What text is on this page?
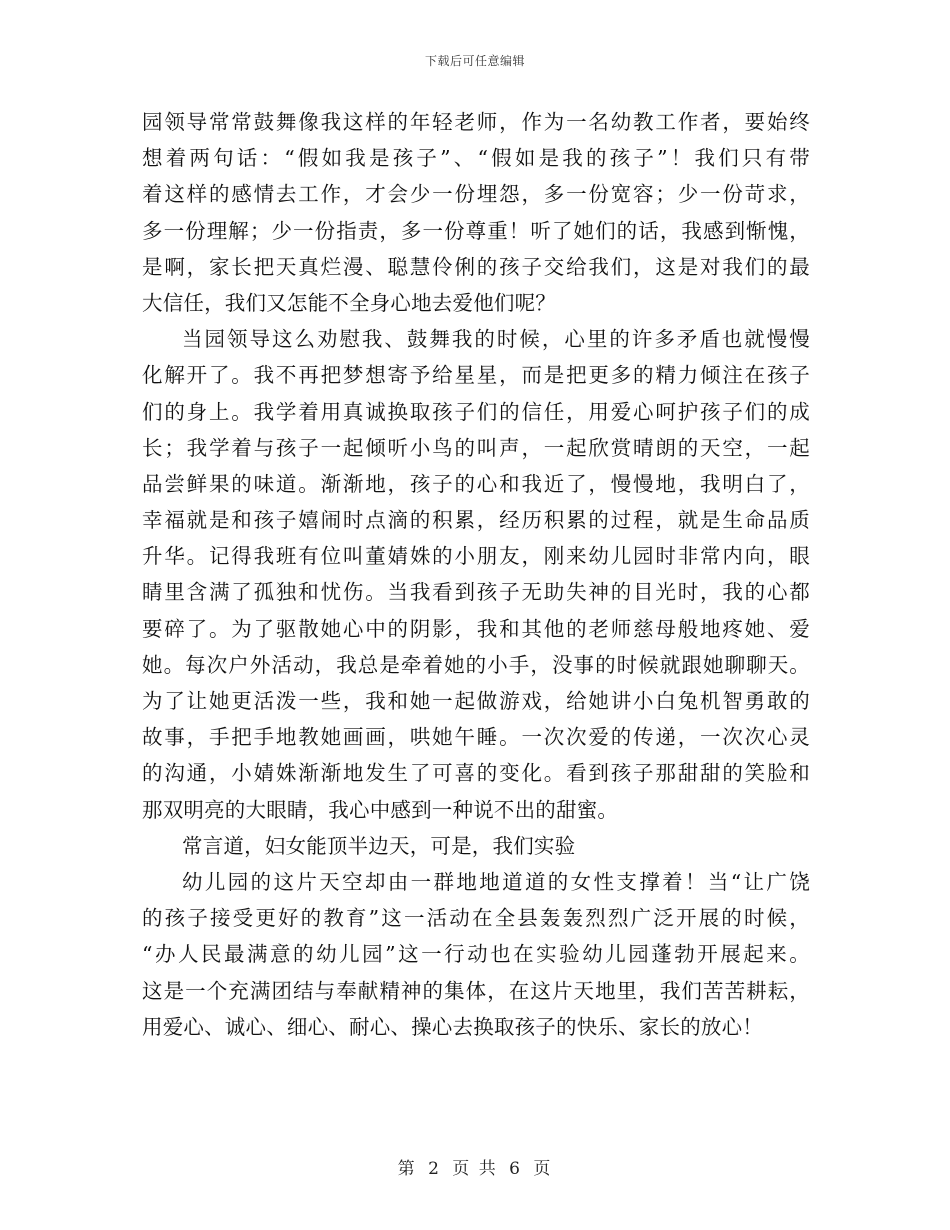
下载后可任意编辑
园领导常常鼓舞像我这样的年轻老师，作为一名幼教工作者，要始终
想着两句话：“假如我是孩子”、“假如是我的孩子”！我们只有带
着这样的感情去工作，才会少一份埋怨，多一份宽容；少一份苛求，
多一份理解；少一份指责，多一份尊重！听了她们的话，我感到惭愧，
是啊，家长把天真烂漫、聪慧伶俐的孩子交给我们，这是对我们的最
大信任，我们又怎能不全身心地去爱他们呢？
当园领导这么劝慰我、鼓舞我的时候，心里的许多矛盾也就慢慢
化解开了。我不再把梦想寄予给星星，而是把更多的精力倾注在孩子
们的身上。我学着用真诚换取孩子们的信任，用爱心呵护孩子们的成
长；我学着与孩子一起倾听小鸟的叫声，一起欣赏晴朗的天空，一起
品尝鲜果的味道。渐渐地，孩子的心和我近了，慢慢地，我明白了，
幸福就是和孩子嬉闹时点滴的积累，经历积累的过程，就是生命品质
升华。记得我班有位叫董婧姝的小朋友，刚来幼儿园时非常内向，眼
睛里含满了孤独和忧伤。当我看到孩子无助失神的目光时，我的心都
要碎了。为了驱散她心中的阴影，我和其他的老师慈母般地疼她、爱
她。每次户外活动，我总是牵着她的小手，没事的时候就跟她聊聊天。
为了让她更活泼一些，我和她一起做游戏，给她讲小白兔机智勇敢的
故事，手把手地教她画画，哄她午睡。一次次爱的传递，一次次心灵
的沟通，小婧姝渐渐地发生了可喜的变化。看到孩子那甜甜的笑脸和
那双明亮的大眼睛，我心中感到一种说不出的甜蜜。
常言道，妇女能顶半边天，可是，我们实验
幼儿园的这片天空却由一群地地道道的女性支撑着！当“让广饶
的孩子接受更好的教育”这一活动在全县轰轰烈烈广泛开展的时候，
“办人民最满意的幼儿园”这一行动也在实验幼儿园蓬勃开展起来。
这是一个充满团结与奉献精神的集体，在这片天地里，我们苦苦耕耘，
用爱心、诚心、细心、耐心、操心去换取孩子的快乐、家长的放心！
第 2 页 共 6 页
